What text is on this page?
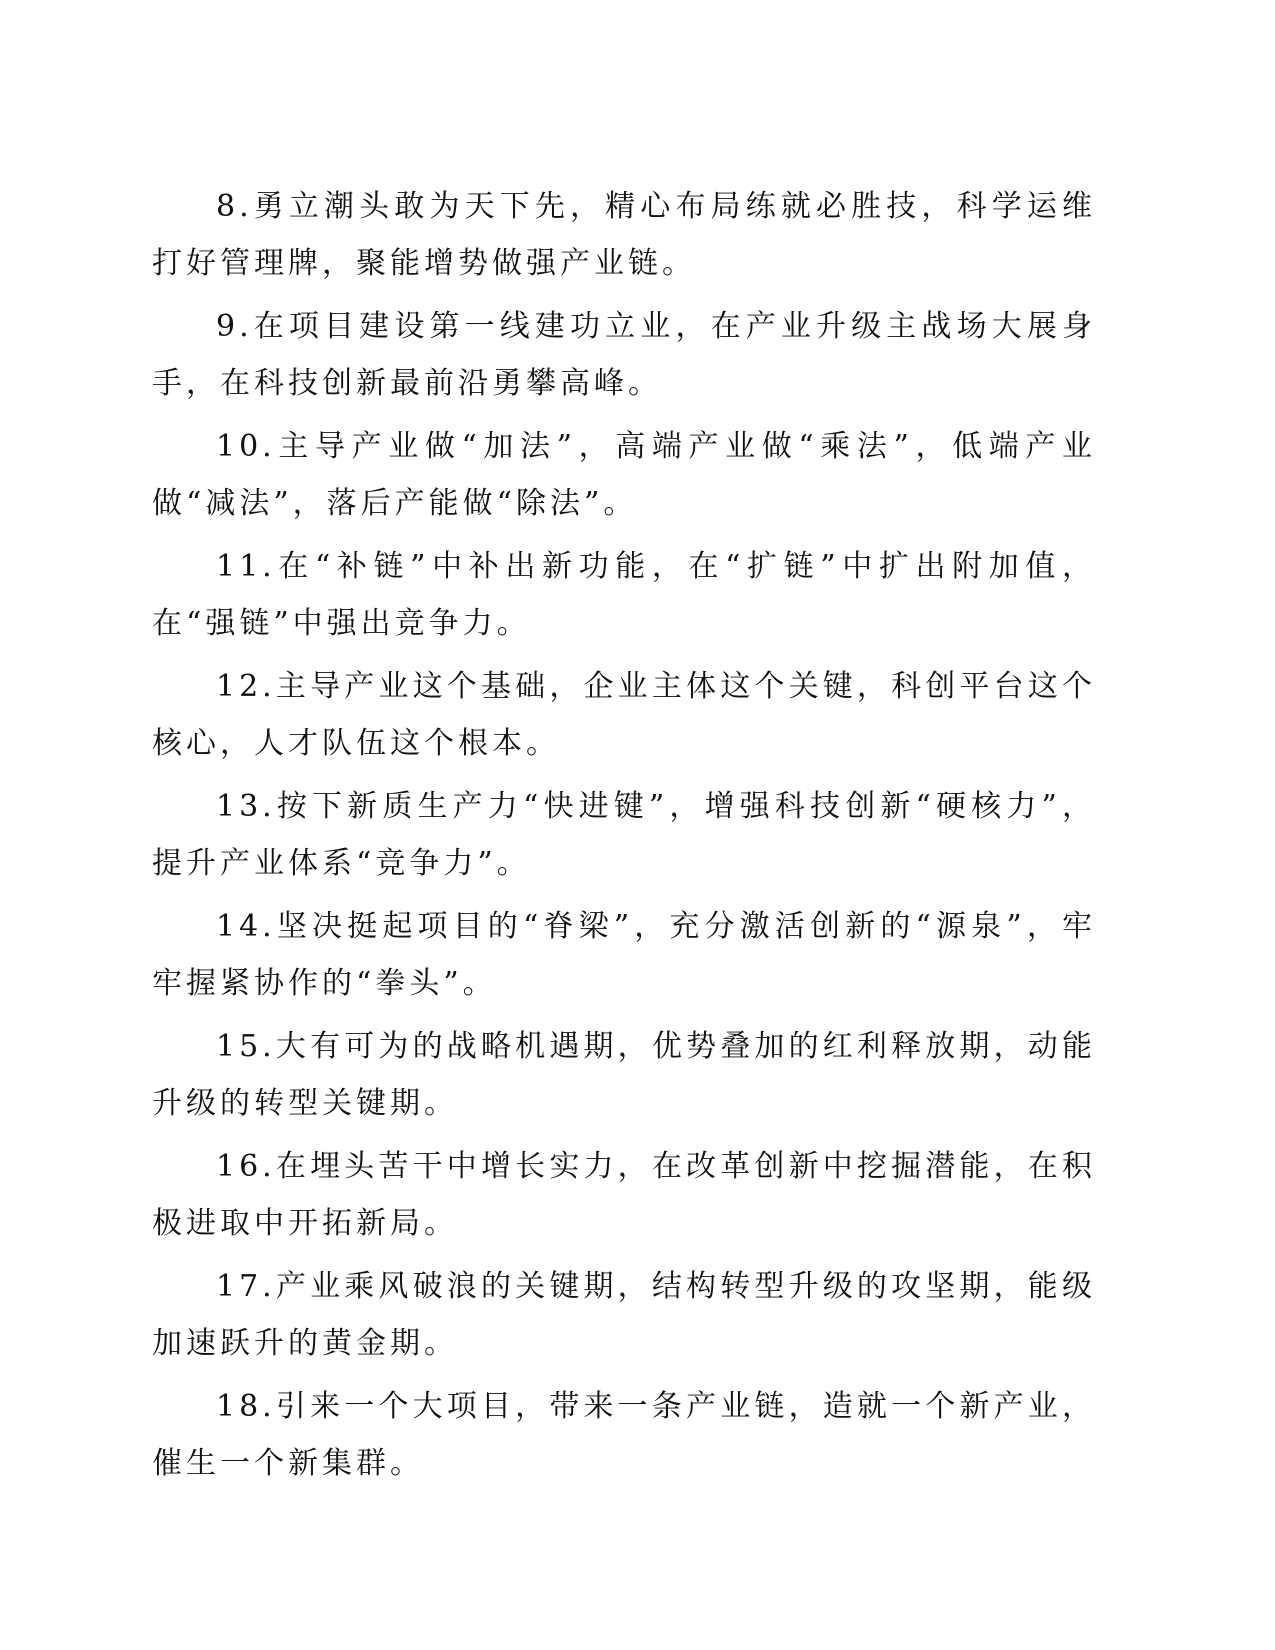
8.勇立潮头敢为天下先，精心布局练就必胜技，科学运维打好管理牌，聚能增势做强产业链。

9.在项目建设第一线建功立业，在产业升级主战场大展身手，在科技创新最前沿勇攀高峰。

10.主导产业做“加法”，高端产业做“乘法”，低端产业做“减法”，落后产能做“除法”。

11.在“补链”中补出新功能，在“扩链”中扩出附加值，在“强链”中强出竞争力。

12.主导产业这个基础，企业主体这个关键，科创平台这个核心，人才队伍这个根本。

13.按下新质生产力“快进键”，增强科技创新“硬核力”，提升产业体系“竞争力”。

14.坚决挺起项目的“脊梁”，充分激活创新的“源泉”，牢牢握紧协作的“拳头”。

15.大有可为的战略机遇期，优势叠加的红利释放期，动能升级的转型关键期。

16.在埋头苦干中增长实力，在改革创新中挖掘潜能，在积极进取中开拓新局。

17.产业乘风破浪的关键期，结构转型升级的攻坚期，能级加速跃升的黄金期。

18.引来一个大项目，带来一条产业链，造就一个新产业，催生一个新集群。
